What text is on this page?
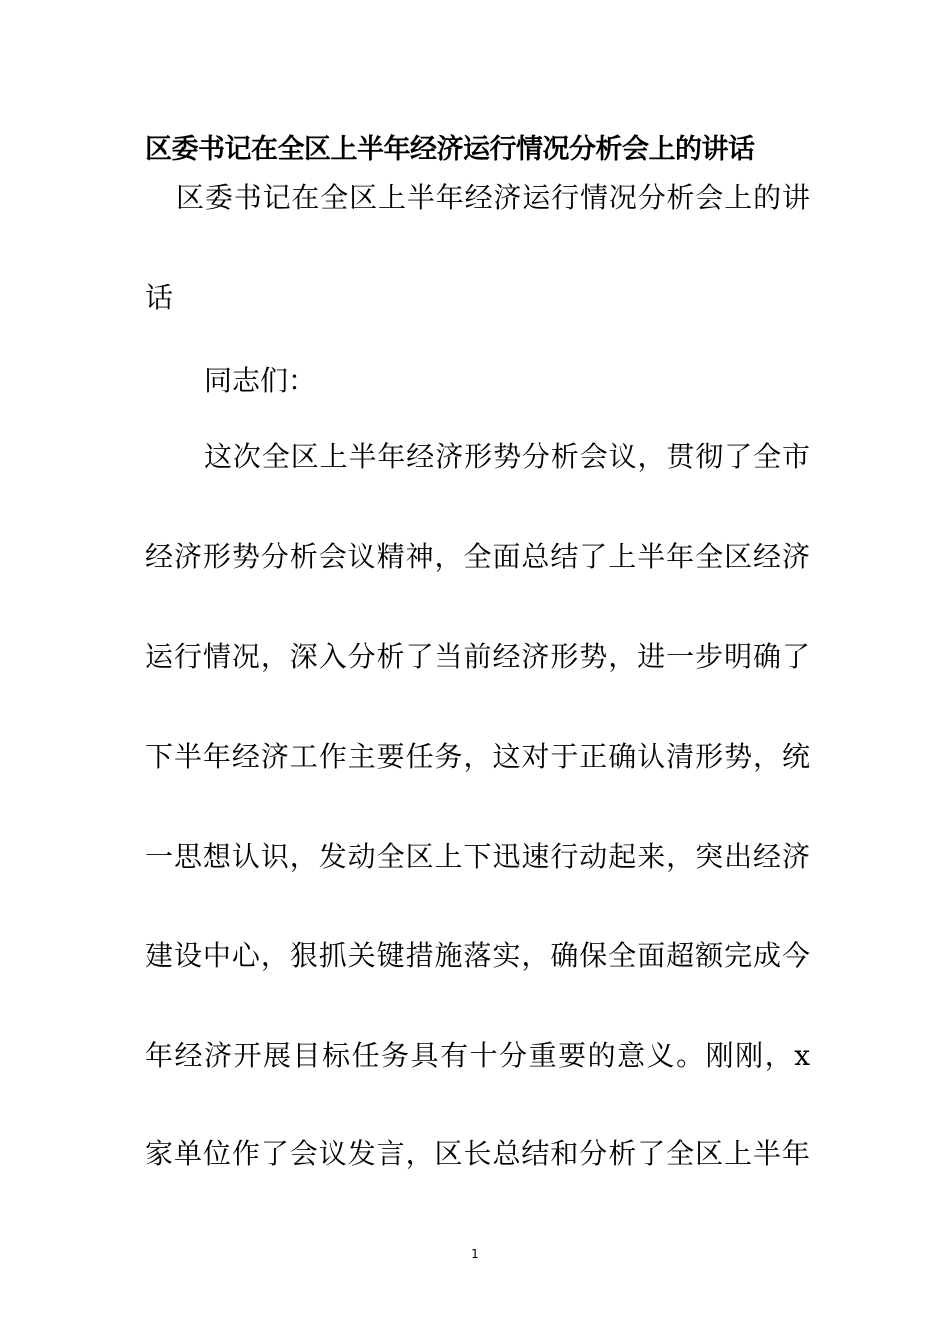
区委书记在全区上半年经济运行情况分析会上的讲话
区委书记在全区上半年经济运行情况分析会上的讲
话
同志们：
这次全区上半年经济形势分析会议，贯彻了全市
经济形势分析会议精神，全面总结了上半年全区经济
运行情况，深入分析了当前经济形势，进一步明确了
下半年经济工作主要任务，这对于正确认清形势，统
一思想认识，发动全区上下迅速行动起来，突出经济
建设中心，狠抓关键措施落实，确保全面超额完成今
年经济开展目标任务具有十分重要的意义。刚刚，x
家单位作了会议发言，区长总结和分析了全区上半年
1
